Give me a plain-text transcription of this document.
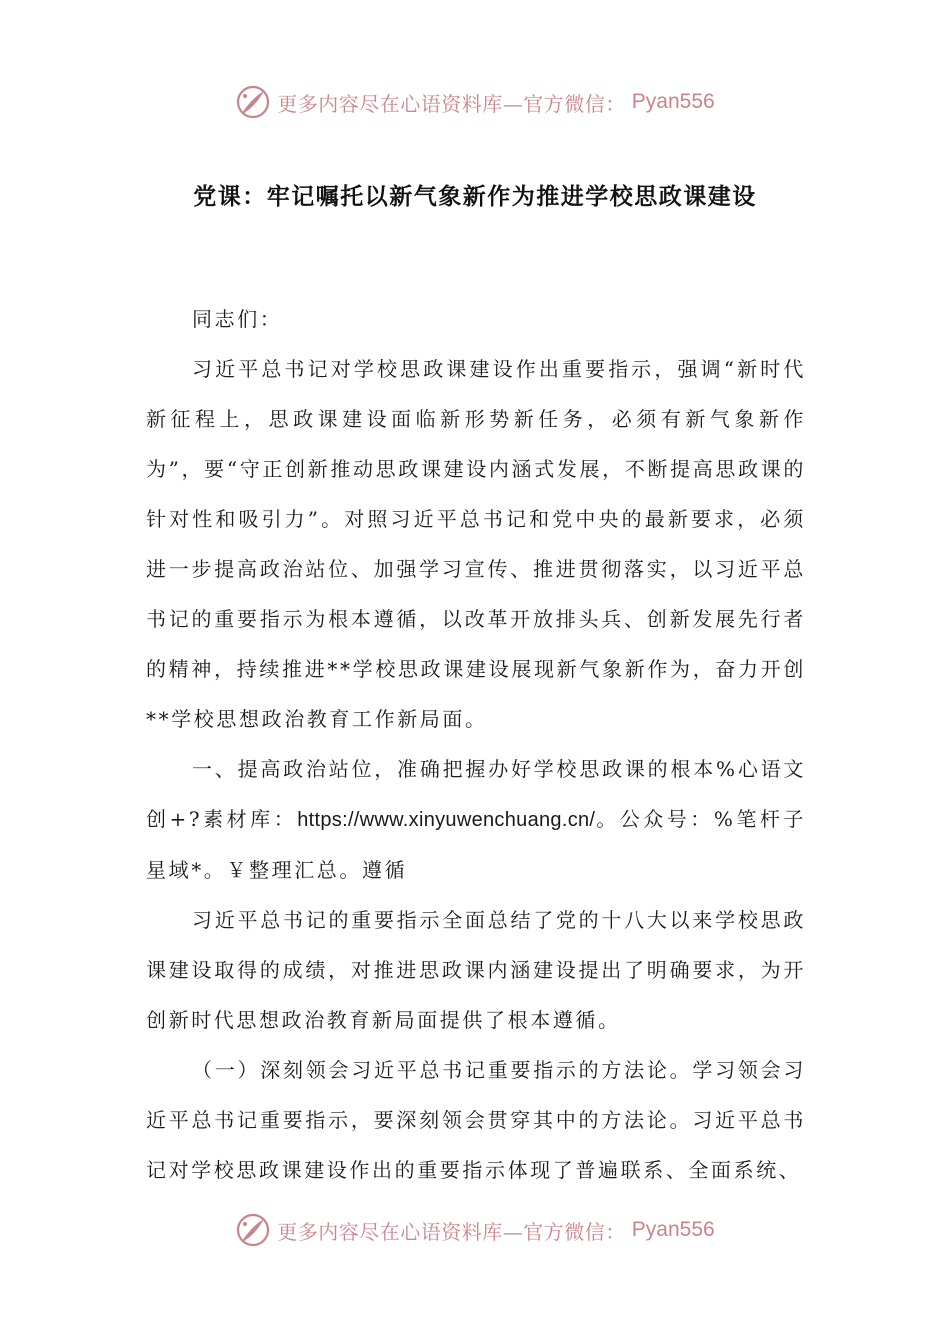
更多内容尽在心语资料库—官方微信： Pyan556
党课：牢记嘱托以新气象新作为推进学校思政课建设

同志们：

习近平总书记对学校思政课建设作出重要指示，强调“新时代新征程上，思政课建设面临新形势新任务，必须有新气象新作为”，要“守正创新推动思政课建设内涵式发展，不断提高思政课的针对性和吸引力”。对照习近平总书记和党中央的最新要求，必须进一步提高政治站位、加强学习宣传、推进贯彻落实，以习近平总书记的重要指示为根本遵循，以改革开放排头兵、创新发展先行者的精神，持续推进**学校思政课建设展现新气象新作为，奋力开创**学校思想政治教育工作新局面。

一、提高政治站位，准确把握办好学校思政课的根本%心语文创+?素材库：https://www.xinyuwenchuang.cn/。公众号：%笔杆子星域*。￥整理汇总。遵循

习近平总书记的重要指示全面总结了党的十八大以来学校思政课建设取得的成绩，对推进思政课内涵建设提出了明确要求，为开创新时代思想政治教育新局面提供了根本遵循。

（一）深刻领会习近平总书记重要指示的方法论。学习领会习近平总书记重要指示，要深刻领会贯穿其中的方法论。习近平总书记对学校思政课建设作出的重要指示体现了普遍联系、全面系统、

更多内容尽在心语资料库—官方微信： Pyan556
